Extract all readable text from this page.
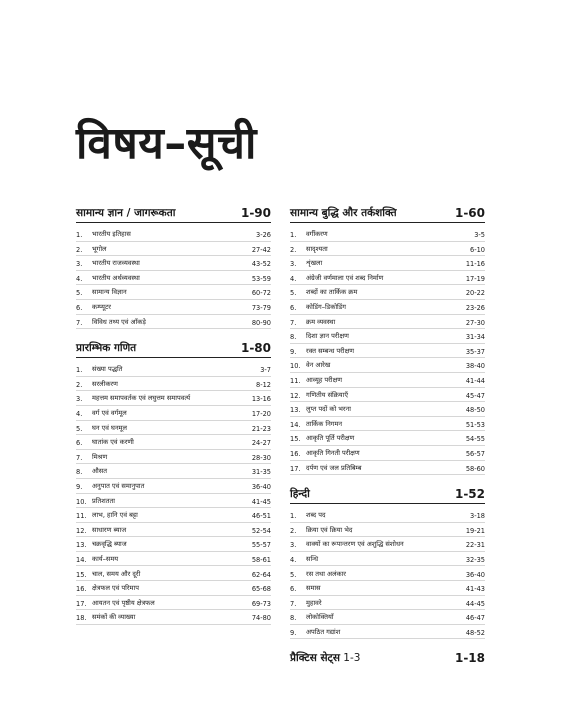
विषय–सूची
सामान्य ज्ञान / जागरूकता	1-90
1.	भारतीय इतिहास	3-26
2.	भूगोल	27-42
3.	भारतीय राजव्यवस्था	43-52
4.	भारतीय अर्थव्यवस्था	53-59
5.	सामान्य विज्ञान	60-72
6.	कम्प्यूटर	73-79
7.	विविध तथ्य एवं आँकड़े	80-90
प्रारम्भिक गणित	1-80
1.	संख्या पद्धति	3-7
2.	सरलीकरण	8-12
3.	महत्तम समापवर्तक एवं लघुत्तम समापवर्त्य	13-16
4.	वर्ग एवं वर्गमूल	17-20
5.	घन एवं घनमूल	21-23
6.	घातांक एवं करणी	24-27
7.	मिश्रण	28-30
8.	औसत	31-35
9.	अनुपात एवं समानुपात	36-40
10. प्रतिशतता	41-45
11. लाभ, हानि एवं बट्टा	46-51
12. साधारण ब्याज	52-54
13. चक्रवृद्धि ब्याज	55-57
14. कार्य–समय	58-61
15. चाल, समय और दूरी	62-64
16. क्षेत्रफल एवं परिमाप	65-68
17. आयतन एवं पृष्ठीय क्षेत्रफल	69-73
18. समंकों की व्याख्या	74-80
सामान्य बुद्धि और तर्कशक्ति	1-60
1.	वर्गीकरण	3-5
2.	सादृश्यता	6-10
3.	शृंखला	11-16
4.	अंग्रेजी वर्णमाला एवं शब्द निर्माण	17-19
5.	शब्दों का तार्किक क्रम	20-22
6.	कोडिंग–डिकोडिंग	23-26
7.	क्रम व्यवस्था	27-30
8.	दिशा ज्ञान परीक्षण	31-34
9.	रक्त सम्बन्ध परीक्षण	35-37
10. वेन आरेख	38-40
11. आव्यूह परीक्षण	41-44
12. गणितीय संक्रियाएँ	45-47
13. लुप्त पदों को भरना	48-50
14. तार्किक निगमन	51-53
15. आकृति पूर्ति परीक्षण	54-55
16. आकृति गिनती परीक्षण	56-57
17. दर्पण एवं जल प्रतिबिम्ब	58-60
हिन्दी	1-52
1.	शब्द पद	3-18
2.	क्रिया एवं क्रिया भेद	19-21
3.	वाक्यों का रूपान्तरण एवं अशुद्धि संशोधन	22-31
4.	सन्धि	32-35
5.	रस तथा अलंकार	36-40
6.	समास	41-43
7.	मुहावरे	44-45
8.	लोकोक्तियाँ	46-47
9.	अपठित गद्यांश	48-52
प्रैक्टिस सेट्स 1-3	1-18
